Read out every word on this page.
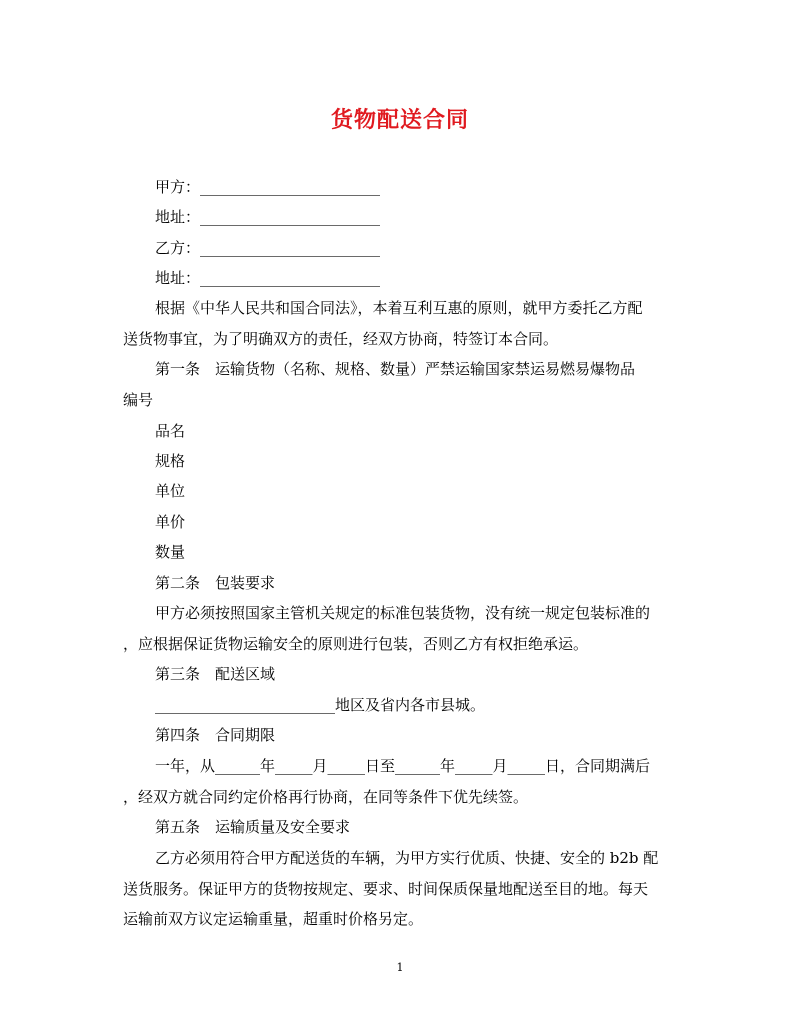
货物配送合同
甲方：________________________
地址：________________________
乙方：________________________
地址：________________________
根据《中华人民共和国合同法》，本着互利互惠的原则，就甲方委托乙方配
送货物事宜，为了明确双方的责任，经双方协商，特签订本合同。
第一条　运输货物（名称、规格、数量）严禁运输国家禁运易燃易爆物品
编号
品名
规格
单位
单价
数量
第二条　包装要求
甲方必须按照国家主管机关规定的标准包装货物，没有统一规定包装标准的
，应根据保证货物运输安全的原则进行包装，否则乙方有权拒绝承运。
第三条　配送区域
________________________地区及省内各市县城。
第四条　合同期限
一年，从______年_____月_____日至______年_____月_____日，合同期满后
，经双方就合同约定价格再行协商，在同等条件下优先续签。
第五条　运输质量及安全要求
乙方必须用符合甲方配送货的车辆，为甲方实行优质、快捷、安全的 b2b 配
送货服务。保证甲方的货物按规定、要求、时间保质保量地配送至目的地。每天
运输前双方议定运输重量，超重时价格另定。
1
